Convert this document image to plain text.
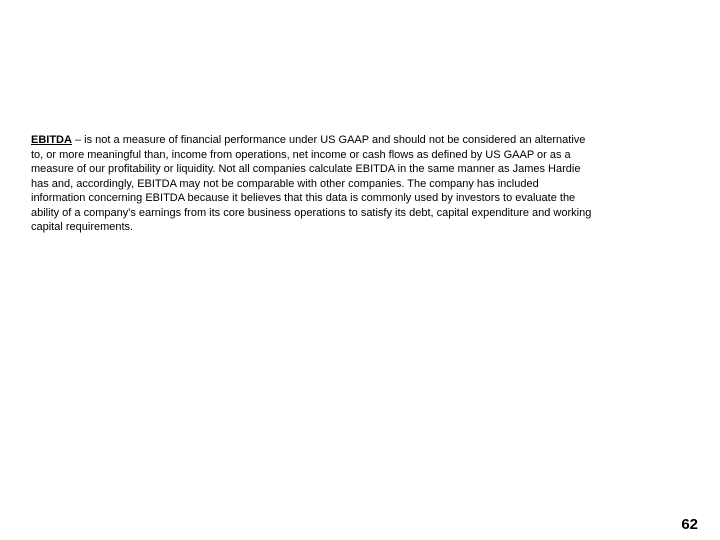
EBITDA – is not a measure of financial performance under US GAAP and should not be considered an alternative
to, or more meaningful than, income from operations, net income or cash flows as defined by US GAAP or as a
measure of our profitability or liquidity. Not all companies calculate EBITDA in the same manner as James Hardie
has and, accordingly, EBITDA may not be comparable with other companies. The company has included
information concerning EBITDA because it believes that this data is commonly used by investors to evaluate the
ability of a company's earnings from its core business operations to satisfy its debt, capital expenditure and working
capital requirements.
62
